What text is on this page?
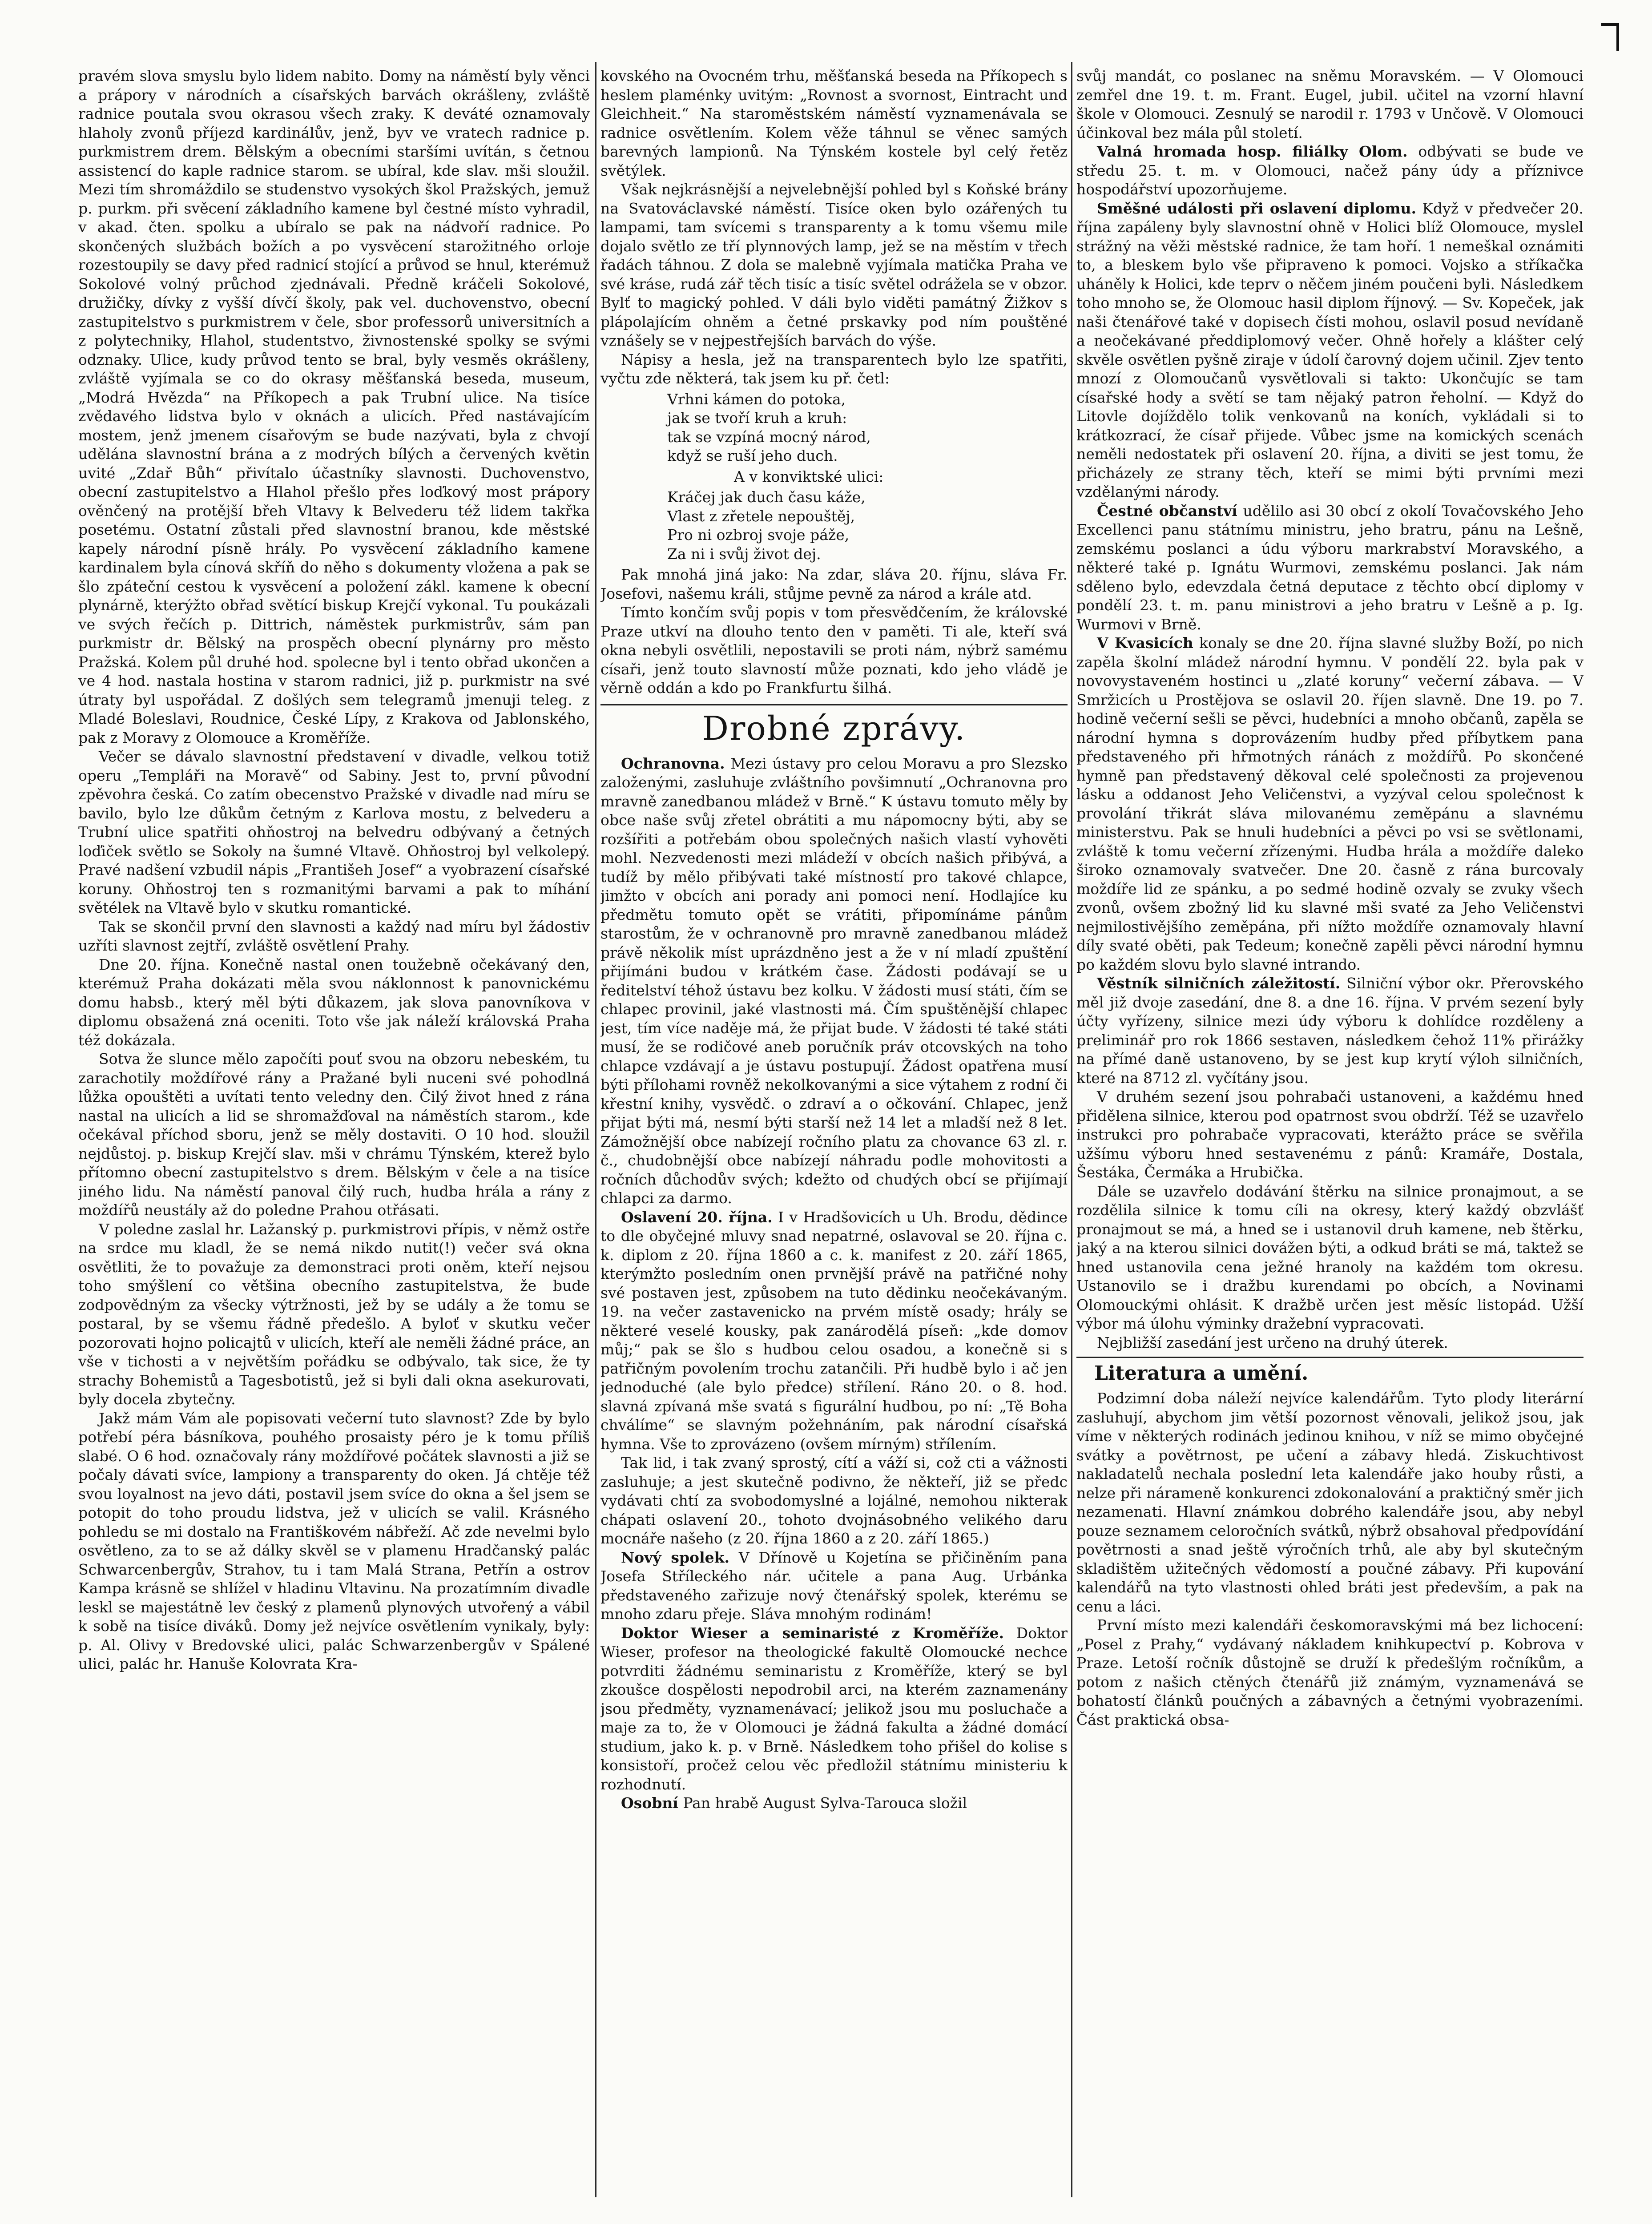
pravém slova smyslu bylo lidem nabito. Domy na náměstí byly věnci a prápory v národních a císařských barvách okrášleny, zvláště radnice poutala svou okrasou všech zraky. K deváté oznamovaly hlaholy zvonů příjezd kardinálův, jenž, byv ve vratech radnice p. purkmistrem drem. Bělským a obecními staršími uvítán, s četnou assistencí do kaple radnice starom. se ubíral, kde slav. mši sloužil. Mezi tím shromáždilo se studenstvo vysokých škol Pražských, jemuž p. purkm. při svěcení základního kamene byl čestné místo vyhradil, v akad. čten. spolku a ubíralo se pak na nádvoří radnice. Po skončených službách božích a po vysvěcení starožitného orloje rozestoupily se davy před radnicí stojící a průvod se hnul, kterémuž Sokolové volný průchod zjednávali. Předně kráčeli Sokolové, družičky, dívky z vyšší dívčí školy, pak vel. duchovenstvo, obecní zastupitelstvo s purkmistrem v čele, sbor professorů universitních a z polytechniky, Hlahol, studentstvo, živnostenské spolky se svými odznaky. Ulice, kudy průvod tento se bral, byly vesměs okrášleny, zvláště vyjímala se co do okrasy měšťanská beseda, museum, „Modrá Hvězda“ na Příkopech a pak Trubní ulice. Na tisíce zvědavého lidstva bylo v oknách a ulicích. Před nastávajícím mostem, jenž jmenem císařovým se bude nazývati, byla z chvojí udělána slavnostní brána a z modrých bílých a červených květin uvité „Zdař Bůh“ přivítalo účastníky slavnosti. Duchovenstvo, obecní zastupitelstvo a Hlahol přešlo přes loďkový most prápory ověnčený na protější břeh Vltavy k Belvederu též lidem takřka posetému. Ostatní zůstali před slavnostní branou, kde městské kapely národní písně hrály. Po vysvěcení základního kamene kardinalem byla cínová skříň do něho s dokumenty vložena a pak se šlo zpáteční cestou k vysvěcení a položení zákl. kamene k obecní plynárně, kterýžto obřad světící biskup Krejčí vykonal. Tu poukázali ve svých řečích p. Dittrich, náměstek purkmistrův, sám pan purkmistr dr. Bělský na prospěch obecní plynárny pro město Pražská. Kolem půl druhé hod. spolecne byl i tento obřad ukončen a ve 4 hod. nastala hostina v starom radnici, již p. purkmistr na své útraty byl uspořádal. Z došlých sem telegramů jmenuji teleg. z Mladé Boleslavi, Roudnice, České Lípy, z Krakova od Jablonského, pak z Moravy z Olomouce a Kroměříže.

Večer se dávalo slavnostní představení v divadle, velkou totiž operu „Templáři na Moravě“ od Sabiny. Jest to, první původní zpěvohra česká. Co zatím obecenstvo Pražské v divadle nad míru se bavilo, bylo lze důkům četným z Karlova mostu, z belvederu a Trubní ulice spatřiti ohňostroj na belvedru odbývaný a četných loďiček světlo se Sokoly na šumné Vltavě. Ohňostroj byl velkolepý. Pravé nadšení vzbudil nápis „Františeh Josef“ a vyobrazení císařské koruny. Ohňostroj ten s rozmanitými barvami a pak to míhání světélek na Vltavě bylo v skutku romantické.

Tak se skončil první den slavnosti a každý nad míru byl žádostiv uzříti slavnost zejtří, zvláště osvětlení Prahy.

Dne 20. října. Konečně nastal onen toužebně očekávaný den, kterémuž Praha dokázati měla svou náklonnost k panovnickému domu habsb., který měl býti důkazem, jak slova panovníkova v diplomu obsažená zná oceniti. Toto vše jak náleží královská Praha též dokázala.

Sotva že slunce mělo započíti pouť svou na obzoru nebeském, tu zarachotily moždířové rány a Pražané byli nuceni své pohodlná lůžka opouštěti a uvítati tento veledny den. Čilý život hned z rána nastal na ulicích a lid se shromažďoval na náměstích starom., kde očekával příchod sboru, jenž se měly dostaviti. O 10 hod. sloužil nejdůstoj. p. biskup Krejčí slav. mši v chrámu Týnském, kterež bylo přítomno obecní zastupitelstvo s drem. Bělským v čele a na tisíce jiného lidu. Na náměstí panoval čilý ruch, hudba hrála a rány z moždířů neustály až do poledne Prahou otřásati.

V poledne zaslal hr. Lažanský p. purkmistrovi přípis, v němž ostře na srdce mu kladl, že se nemá nikdo nutit(!) večer svá okna osvětliti, že to považuje za demonstraci proti oněm, kteří nejsou toho smýšlení co většina obecního zastupitelstva, že bude zodpovědným za všecky výtržnosti, jež by se udály a že tomu se postaral, by se všemu řádně předešlo. A byloť v skutku večer pozorovati hojno policajtů v ulicích, kteří ale neměli žádné práce, an vše v tichosti a v největším pořádku se odbývalo, tak sice, že ty strachy Bohemistů a Tagesbotistů, jež si byli dali okna asekurovati, byly docela zbytečny.

Jakž mám Vám ale popisovati večerní tuto slavnost? Zde by bylo potřebí péra básníkova, pouhého prosaisty péro je k tomu příliš slabé. O 6 hod. označovaly rány moždířové počátek slavnosti a již se počaly dávati svíce, lampiony a transparenty do oken. Já chtěje též svou loyalnost na jevo dáti, postavil jsem svíce do okna a šel jsem se potopit do toho proudu lidstva, jež v ulicích se valil. Krásného pohledu se mi dostalo na Františkovém nábřeží. Ač zde nevelmi bylo osvětleno, za to se až dálky skvěl se v plamenu Hradčanský palác Schwarcenbergův, Strahov, tu i tam Malá Strana, Petřín a ostrov Kampa krásně se shlížel v hladinu Vltavinu. Na prozatímním divadle leskl se majestátně lev český z plamenů plynových utvořený a vábil k sobě na tisíce diváků. Domy jež nejvíce osvětlením vynikaly, byly: p. Al. Olivy v Bredovské ulici, palác Schwarzenbergův v Spálené ulici, palác hr. Hanuše Kolovrata Kra-

kovského na Ovocném trhu, měšťanská beseda na Příkopech s heslem plaménky uvitým: „Rovnost a svornost, Eintracht und Gleichheit.“ Na staroměstském náměstí vyznamenávala se radnice osvětlením. Kolem věže táhnul se věnec samých barevných lampionů. Na Týnském kostele byl celý řetěz světýlek.

Však nejkrásnější a nejvelebnější pohled byl s Koňské brány na Svatováclavské náměstí. Tisíce oken bylo ozářených tu lampami, tam svícemi s transparenty a k tomu všemu mile dojalo světlo ze tří plynnových lamp, jež se na městím v třech řadách táhnou. Z dola se malebně vyjímala matička Praha ve své kráse, rudá zář těch tisíc a tisíc světel odrážela se v obzor. Bylť to magický pohled. V dáli bylo viděti památný Žižkov s plápolajícím ohněm a četné prskavky pod ním pouštěné vznášely se v nejpestřejších barvách do výše.

Nápisy a hesla, jež na transparentech bylo lze spatřiti, vyčtu zde některá, tak jsem ku př. četl:

Vrhni kámen do potoka,
jak se tvoří kruh a kruh:
tak se vzpíná mocný národ,
když se ruší jeho duch.
A v konviktské ulici:
Kráčej jak duch času káže,
Vlast z zřetele nepouštěj,
Pro ni ozbroj svoje páže,
Za ni i svůj život dej.

Pak mnohá jiná jako: Na zdar, sláva 20. říjnu, sláva Fr. Josefovi, našemu králi, stůjme pevně za národ a krále atd.

Tímto končím svůj popis v tom přesvědčením, že královské Praze utkví na dlouho tento den v paměti. Ti ale, kteří svá okna nebyli osvětlili, nepostavili se proti nám, nýbrž samému císaři, jenž touto slavností může poznati, kdo jeho vládě je věrně oddán a kdo po Frankfurtu šilhá.

Drobné zprávy.

Ochranovna. Mezi ústavy pro celou Moravu a pro Slezsko založenými, zasluhuje zvláštního povšimnutí „Ochranovna pro mravně zanedbanou mládež v Brně.“ K ústavu tomuto měly by obce naše svůj zřetel obrátiti a mu nápomocny býti, aby se rozšířiti a potřebám obou společných našich vlastí vyhověti mohl. Nezvedenosti mezi mládeží v obcích našich přibývá, a tudíž by mělo přibývati také místností pro takové chlapce, jimžto v obcích ani porady ani pomoci není. Hodlajíce ku předmětu tomuto opět se vrátiti, připomínáme pánům starostům, že v ochranovně pro mravně zanedbanou mládež právě několik míst uprázdněno jest a že v ní mladí zpuštění přijímáni budou v krátkém čase. Žádosti podávají se u ředitelství téhož ústavu bez kolku. V žádosti musí státi, čím se chlapec provinil, jaké vlastnosti má. Čím spuštěnější chlapec jest, tím více naděje má, že přijat bude. V žádosti té také státi musí, že se rodičové aneb poručník práv otcovských na toho chlapce vzdávají a je ústavu postupují. Žádost opatřena musí býti přílohami rovněž nekolkovanými a sice výtahem z rodní či křestní knihy, vysvědč. o zdraví a o očkování. Chlapec, jenž přijat býti má, nesmí býti starší než 14 let a mladší než 8 let. Zámožnější obce nabízejí ročního platu za chovance 63 zl. r. č., chudobnější obce nabízejí náhradu podle mohovitosti a ročních důchodův svých; kdežto od chudých obcí se přijímají chlapci za darmo.

Oslavení 20. října. I v Hradšovicích u Uh. Brodu, dědince to dle obyčejné mluvy snad nepatrné, oslavoval se 20. října c. k. diplom z 20. října 1860 a c. k. manifest z 20. září 1865, kterýmžto posledním onen prvnější právě na patřičné nohy své postaven jest, způsobem na tuto dědinku neočekávaným. 19. na večer zastavenicko na prvém místě osady; hrály se některé veselé kousky, pak zanárodělá píseň: „kde domov můj;“ pak se šlo s hudbou celou osadou, a konečně si s patřičným povolením trochu zatančili. Při hudbě bylo i ač jen jednoduché (ale bylo předce) střílení. Ráno 20. o 8. hod. slavná zpívaná mše svatá s figurální hudbou, po ní: „Tě Boha chválíme“ se slavným požehnáním, pak národní císařská hymna. Vše to zprovázeno (ovšem mírným) střílením.

Tak lid, i tak zvaný sprostý, cítí a váží si, což cti a vážnosti zasluhuje; a jest skutečně podivno, že někteří, již se předc vydávati chtí za svobodomyslné a lojálné, nemohou nikterak chápati oslavení 20., tohoto dvojnásobného velikého daru mocnáře našeho (z 20. října 1860 a z 20. září 1865.)

Nový spolek. V Dřínově u Kojetína se přičiněním pana Josefa Stříleckého nár. učitele a pana Aug. Urbánka představeného zařizuje nový čtenářský spolek, kterému se mnoho zdaru přeje. Sláva mnohým rodinám!

Doktor Wieser a seminaristé z Kroměříže. Doktor Wieser, profesor na theologické fakultě Olomoucké nechce potvrditi žádnému seminaristu z Kroměříže, který se byl zkoušce dospělosti nepodrobil arci, na kterém zaznamenány jsou předměty, vyznamenávací; jelikož jsou mu posluchače a maje za to, že v Olomouci je žádná fakulta a žádné domácí studium, jako k. p. v Brně. Následkem toho přišel do kolise s konsistoří, pročež celou věc předložil státnímu ministeriu k rozhodnutí.

Osobní Pan hrabě August Sylva-Tarouca složil

svůj mandát, co poslanec na sněmu Moravském. — V Olomouci zemřel dne 19. t. m. Frant. Eugel, jubil. učitel na vzorní hlavní škole v Olomouci. Zesnulý se narodil r. 1793 v Unčově. V Olomouci účinkoval bez mála půl století.

Valná hromada hosp. filiálky Olom. odbývati se bude ve středu 25. t. m. v Olomouci, načež pány údy a příznivce hospodářství upozorňujeme.

Směšné události při oslavení diplomu. Když v předvečer 20. října zapáleny byly slavnostní ohně v Holici blíž Olomouce, myslel strážný na věži městské radnice, že tam hoří. 1 nemeškal oznámiti to, a bleskem bylo vše připraveno k pomoci. Vojsko a stříkačka uháněly k Holici, kde teprv o něčem jiném poučeni byli. Následkem toho mnoho se, že Olomouc hasil diplom říjnový. — Sv. Kopeček, jak naši čtenářové také v dopisech čísti mohou, oslavil posud nevídaně a neočekávané předdiplomový večer. Ohně hořely a klášter celý skvěle osvětlen pyšně ziraje v údolí čarovný dojem učinil. Zjev tento mnozí z Olomoučanů vysvětlovali si takto: Ukončujíc se tam císařské hody a světí se tam nějaký patron řeholní. — Když do Litovle dojíždělo tolik venkovanů na koních, vykládali si to krátkozrací, že císař přijede. Vůbec jsme na komických scenách neměli nedostatek při oslavení 20. října, a diviti se jest tomu, že přicházely ze strany těch, kteří se mimi býti prvními mezi vzdělanými národy.

Čestné občanství udělilo asi 30 obcí z okolí Tovačovského Jeho Excellenci panu státnímu ministru, jeho bratru, pánu na Lešně, zemskému poslanci a údu výboru markrabství Moravského, a některé také p. Ignátu Wurmovi, zemskému poslanci. Jak nám sděleno bylo, edevzdala četná deputace z těchto obcí diplomy v pondělí 23. t. m. panu ministrovi a jeho bratru v Lešně a p. Ig. Wurmovi v Brně.

V Kvasicích konaly se dne 20. října slavné služby Boží, po nich zapěla školní mládež národní hymnu. V pondělí 22. byla pak v novovystaveném hostinci u „zlaté koruny“ večerní zábava. — V Smržicích u Prostějova se oslavil 20. říjen slavně. Dne 19. po 7. hodině večerní sešli se pěvci, hudebníci a mnoho občanů, zapěla se národní hymna s doprovázením hudby před příbytkem pana představeného při hřmotných ránách z moždířů. Po skončené hymně pan představený děkoval celé společnosti za projevenou lásku a oddanost Jeho Veličenstvi, a vyzýval celou společnost k provolání třikrát sláva milovanému zeměpánu a slavnému ministerstvu. Pak se hnuli hudebníci a pěvci po vsi se světlonami, zvláště k tomu večerní zřízenými. Hudba hrála a moždíře daleko široko oznamovaly svatvečer. Dne 20. časně z rána burcovaly moždíře lid ze spánku, a po sedmé hodině ozvaly se zvuky všech zvonů, ovšem zbožný lid ku slavné mši svaté za Jeho Veličenstvi nejmilostivějšího zeměpána, při nížto moždíře oznamovaly hlavní díly svaté oběti, pak Tedeum; konečně zapěli pěvci národní hymnu po každém slovu bylo slavné intrando.

Věstník silničních záležitostí. Silniční výbor okr. Přerovského měl již dvoje zasedání, dne 8. a dne 16. října. V prvém sezení byly účty vyřízeny, silnice mezi údy výboru k dohlídce rozděleny a preliminář pro rok 1866 sestaven, následkem čehož 11% přirážky na přímé daně ustanoveno, by se jest kup krytí výloh silničních, které na 8712 zl. vyčítány jsou.

V druhém sezení jsou pohrabači ustanoveni, a každému hned přidělena silnice, kterou pod opatrnost svou obdrží. Též se uzavřelo instrukci pro pohrabače vypracovati, kterážto práce se svěřila užšímu výboru hned sestavenému z pánů: Kramáře, Dostala, Šestáka, Čermáka a Hrubička.

Dále se uzavřelo dodávání štěrku na silnice pronajmout, a se rozdělila silnice k tomu cíli na okresy, který každý obzvlášť pronajmout se má, a hned se i ustanovil druh kamene, neb štěrku, jaký a na kterou silnici dovážen býti, a odkud bráti se má, taktež se hned ustanovila cena ježné hranoly na každém tom okresu. Ustanovilo se i dražbu kurendami po obcích, a Novinami Olomouckými ohlásit. K dražbě určen jest měsíc listopád. Užší výbor má úlohu výminky dražební vypracovati.

Nejbližší zasedání jest určeno na druhý úterek.

Literatura a umění.

Podzimní doba náleží nejvíce kalendářům. Tyto plody literární zasluhují, abychom jim větší pozornost věnovali, jelikož jsou, jak víme v některých rodinách jedinou knihou, v níž se mimo obyčejné svátky a povětrnost, pe učení a zábavy hledá. Ziskuchtivost nakladatelů nechala poslední leta kalendáře jako houby růsti, a nelze při nárameně konkurenci zdokonalování a praktičný směr jich nezamenati. Hlavní známkou dobrého kalendáře jsou, aby nebyl pouze seznamem celoročních svátků, nýbrž obsahoval předpovídání povětrnosti a snad ještě výročních trhů, ale aby byl skutečným skladištěm užitečných vědomostí a poučné zábavy. Při kupování kalendářů na tyto vlastnosti ohled bráti jest především, a pak na cenu a láci.

První místo mezi kalendáři českomoravskými má bez lichocení: „Posel z Prahy,“ vydávaný nákladem knihkupectví p. Kobrova v Praze. Letoší ročník důstojně se druží k předešlým ročníkům, a potom z našich ctěných čtenářů již známým, vyznamenává se bohatostí článků poučných a zábavných a četnými vyobrazeními. Část praktická obsa-
